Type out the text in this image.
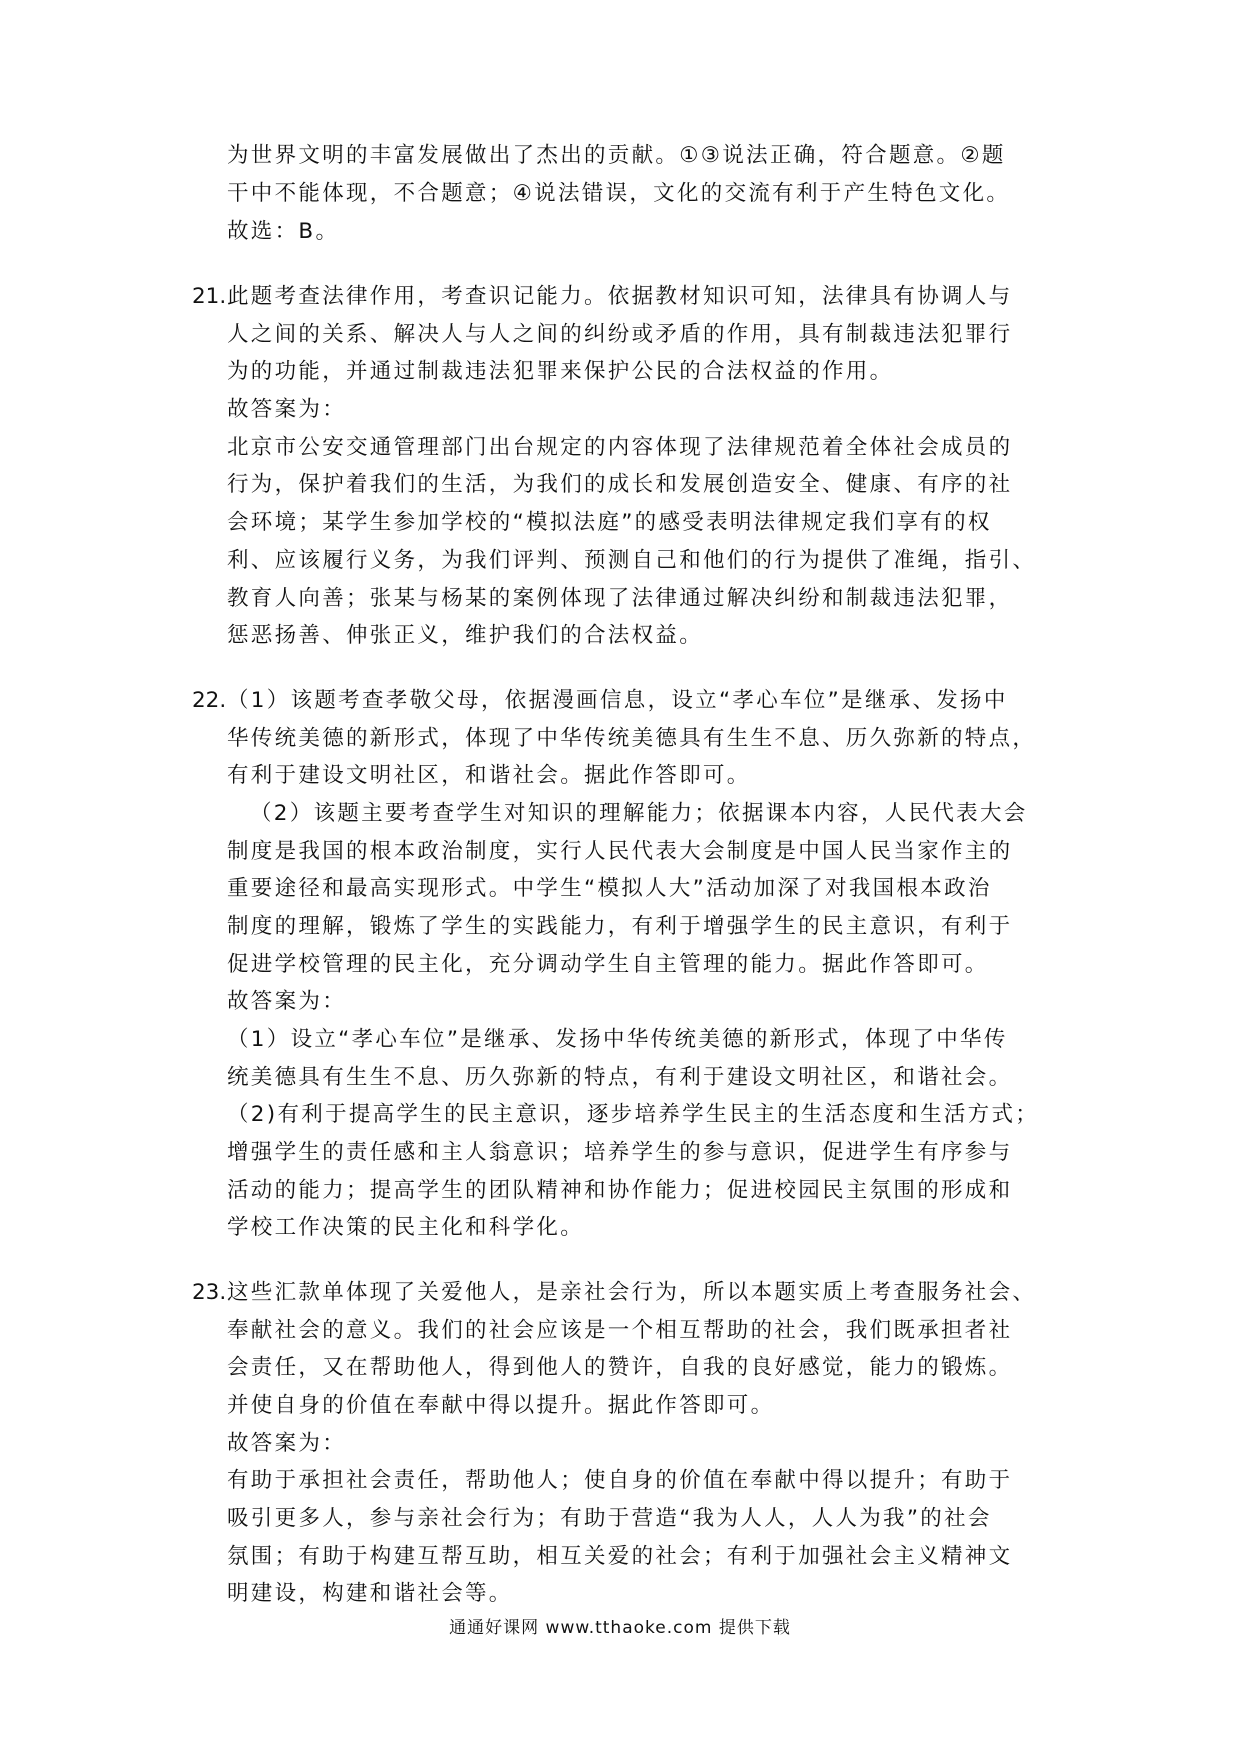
为世界文明的丰富发展做出了杰出的贡献。①③说法正确，符合题意。②题
干中不能体现，不合题意；④说法错误，文化的交流有利于产生特色文化。
故选：B。
21. 此题考查法律作用，考查识记能力。依据教材知识可知，法律具有协调人与
人之间的关系、解决人与人之间的纠纷或矛盾的作用，具有制裁违法犯罪行
为的功能，并通过制裁违法犯罪来保护公民的合法权益的作用。
故答案为：
北京市公安交通管理部门出台规定的内容体现了法律规范着全体社会成员的
行为，保护着我们的生活，为我们的成长和发展创造安全、健康、有序的社
会环境；某学生参加学校的“模拟法庭”的感受表明法律规定我们享有的权
利、应该履行义务，为我们评判、预测自己和他们的行为提供了准绳，指引、
教育人向善；张某与杨某的案例体现了法律通过解决纠纷和制裁违法犯罪，
惩恶扬善、伸张正义，维护我们的合法权益。
22. （1）该题考查孝敬父母，依据漫画信息，设立“孝心车位”是继承、发扬中
华传统美德的新形式，体现了中华传统美德具有生生不息、历久弥新的特点，
有利于建设文明社区，和谐社会。据此作答即可。
（2）该题主要考查学生对知识的理解能力；依据课本内容，人民代表大会
制度是我国的根本政治制度，实行人民代表大会制度是中国人民当家作主的
重要途径和最高实现形式。中学生“模拟人大”活动加深了对我国根本政治
制度的理解，锻炼了学生的实践能力，有利于增强学生的民主意识，有利于
促进学校管理的民主化，充分调动学生自主管理的能力。据此作答即可。
故答案为：
（1）设立“孝心车位”是继承、发扬中华传统美德的新形式，体现了中华传
统美德具有生生不息、历久弥新的特点，有利于建设文明社区，和谐社会。
（2)有利于提高学生的民主意识，逐步培养学生民主的生活态度和生活方式；
增强学生的责任感和主人翁意识；培养学生的参与意识，促进学生有序参与
活动的能力；提高学生的团队精神和协作能力；促进校园民主氛围的形成和
学校工作决策的民主化和科学化。
23. 这些汇款单体现了关爱他人，是亲社会行为，所以本题实质上考查服务社会、
奉献社会的意义。我们的社会应该是一个相互帮助的社会，我们既承担者社
会责任，又在帮助他人，得到他人的赞许，自我的良好感觉，能力的锻炼。
并使自身的价值在奉献中得以提升。据此作答即可。
故答案为：
有助于承担社会责任，帮助他人；使自身的价值在奉献中得以提升；有助于
吸引更多人，参与亲社会行为；有助于营造“我为人人，人人为我”的社会
氛围；有助于构建互帮互助，相互关爱的社会；有利于加强社会主义精神文
明建设，构建和谐社会等。
通通好课网 www.tthaoke.com 提供下载
